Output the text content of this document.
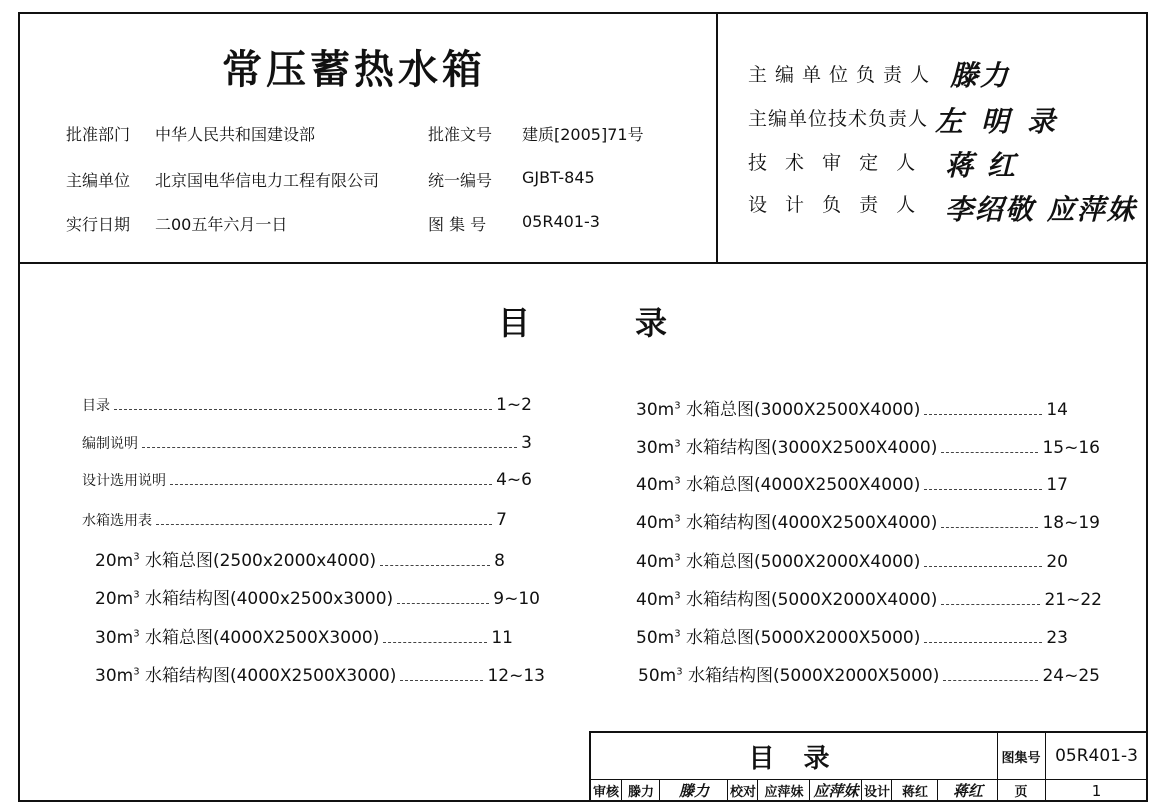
常压蓄热水箱
批准部门 中华人民共和国建设部	批准文号 建质[2005]71号
主编单位 北京国电华信电力工程有限公司	统一编号 GJBT-845
实行日期 二00五年六月一日	图 集 号 05R401-3
主编单位负责人 滕力
主编单位技术负责人 左明录
技 术 审 定 人 蒋红
设 计 负 责 人 李绍敬 应萍妹
目	录
目录	1~2
编制说明	3
设计选用说明	4~6
水箱选用表	7
$20m^3$ 水箱总图(2500x2000x4000)	8
$20m^3$ 水箱结构图(4000x2500x3000)	9~10
$30m^3$ 水箱总图(4000X2500X3000)	11
$30m^3$ 水箱结构图(4000X2500X3000)	12~13
$30m^3$ 水箱总图(3000X2500X4000)	14
$30m^3$ 水箱结构图(3000X2500X4000)	15~16
$40m^3$ 水箱总图(4000X2500X4000)	17
$40m^3$ 水箱结构图(4000X2500X4000)	18~19
$40m^3$ 水箱总图(5000X2000X4000)	20
$40m^3$ 水箱结构图(5000X2000X4000)	21~22
$50m^3$ 水箱总图(5000X2000X5000)	23
$50m^3$ 水箱结构图(5000X2000X5000)	24~25
目 录	图集号 05R401-3
审核 滕力	滕力	校对 应萍妹 应萍妹 设计 蒋红	蒋红	页	1
